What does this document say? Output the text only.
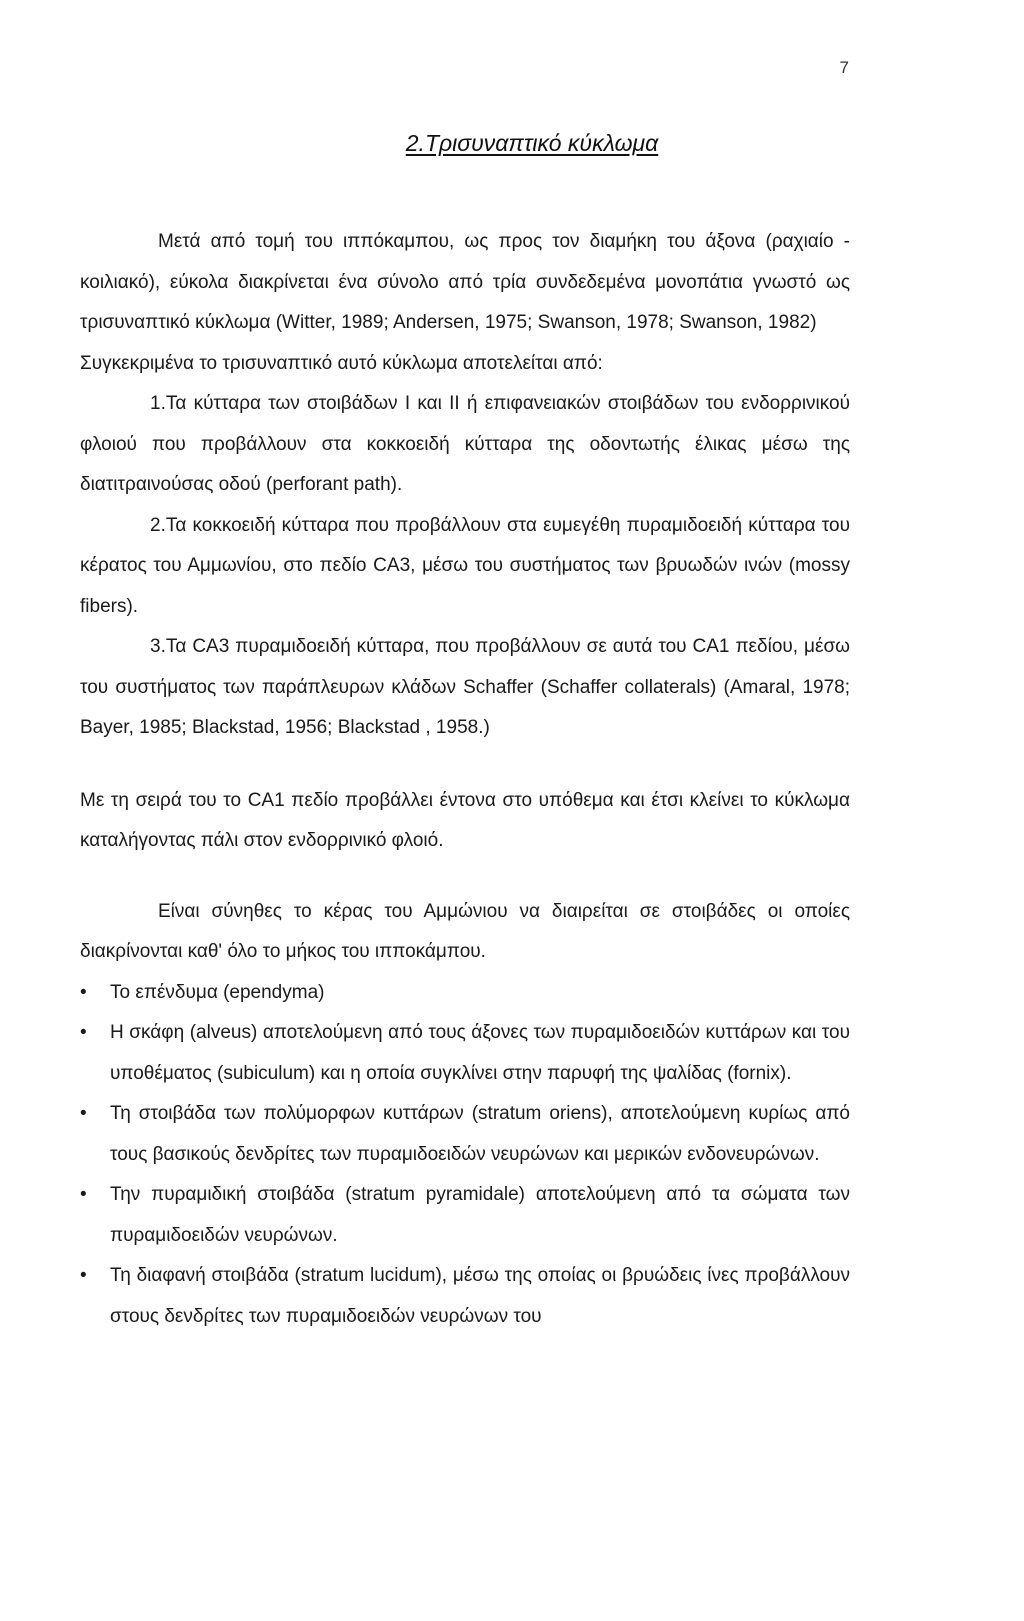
7
2.Τρισυναπτικό κύκλωμα

Μετά από τομή του ιππόκαμπου, ως προς τον διαμήκη του άξονα (ραχιαίο - κοιλιακό), εύκολα διακρίνεται ένα σύνολο από τρία συνδεδεμένα μονοπάτια γνωστό ως τρισυναπτικό κύκλωμα (Witter, 1989; Andersen, 1975; Swanson, 1978; Swanson, 1982)

Συγκεκριμένα το τρισυναπτικό αυτό κύκλωμα αποτελείται από:

1.Τα κύτταρα των στοιβάδων I και II ή επιφανειακών στοιβάδων του ενδορρινικού φλοιού που προβάλλουν στα κοκκοειδή κύτταρα της οδοντωτής έλικας μέσω της διατιτραινούσας οδού (perforant path).

2.Τα κοκκοειδή κύτταρα που προβάλλουν στα ευμεγέθη πυραμιδοειδή κύτταρα του κέρατος του Αμμωνίου, στο πεδίο CA3, μέσω του συστήματος των βρυωδών ινών (mossy fibers).

3.Τα CA3 πυραμιδοειδή κύτταρα, που προβάλλουν σε αυτά του CA1 πεδίου, μέσω του συστήματος των παράπλευρων κλάδων Schaffer (Schaffer collaterals) (Amaral, 1978; Bayer, 1985; Blackstad, 1956; Blackstad , 1958.)

Με τη σειρά του το CA1 πεδίο προβάλλει έντονα στο υπόθεμα και έτσι κλείνει το κύκλωμα καταλήγοντας πάλι στον ενδορρινικό φλοιό.

Είναι σύνηθες το κέρας του Αμμώνιου να διαιρείται σε στοιβάδες οι οποίες διακρίνονται καθ' όλο το μήκος του ιπποκάμπου.

• Το επένδυμα (ependyma)
• Η σκάφη (alveus) αποτελούμενη από τους άξονες των πυραμιδοειδών κυττάρων και του υποθέματος (subiculum) και η οποία συγκλίνει στην παρυφή της ψαλίδας (fornix).
• Τη στοιβάδα των πολύμορφων κυττάρων (stratum oriens), αποτελούμενη κυρίως από τους βασικούς δενδρίτες των πυραμιδοειδών νευρώνων και μερικών ενδονευρώνων.
• Την πυραμιδική στοιβάδα (stratum pyramidale) αποτελούμενη από τα σώματα των πυραμιδοειδών νευρώνων.
• Τη διαφανή στοιβάδα (stratum lucidum), μέσω της οποίας οι βρυώδεις ίνες προβάλλουν στους δενδρίτες των πυραμιδοειδών νευρώνων του
